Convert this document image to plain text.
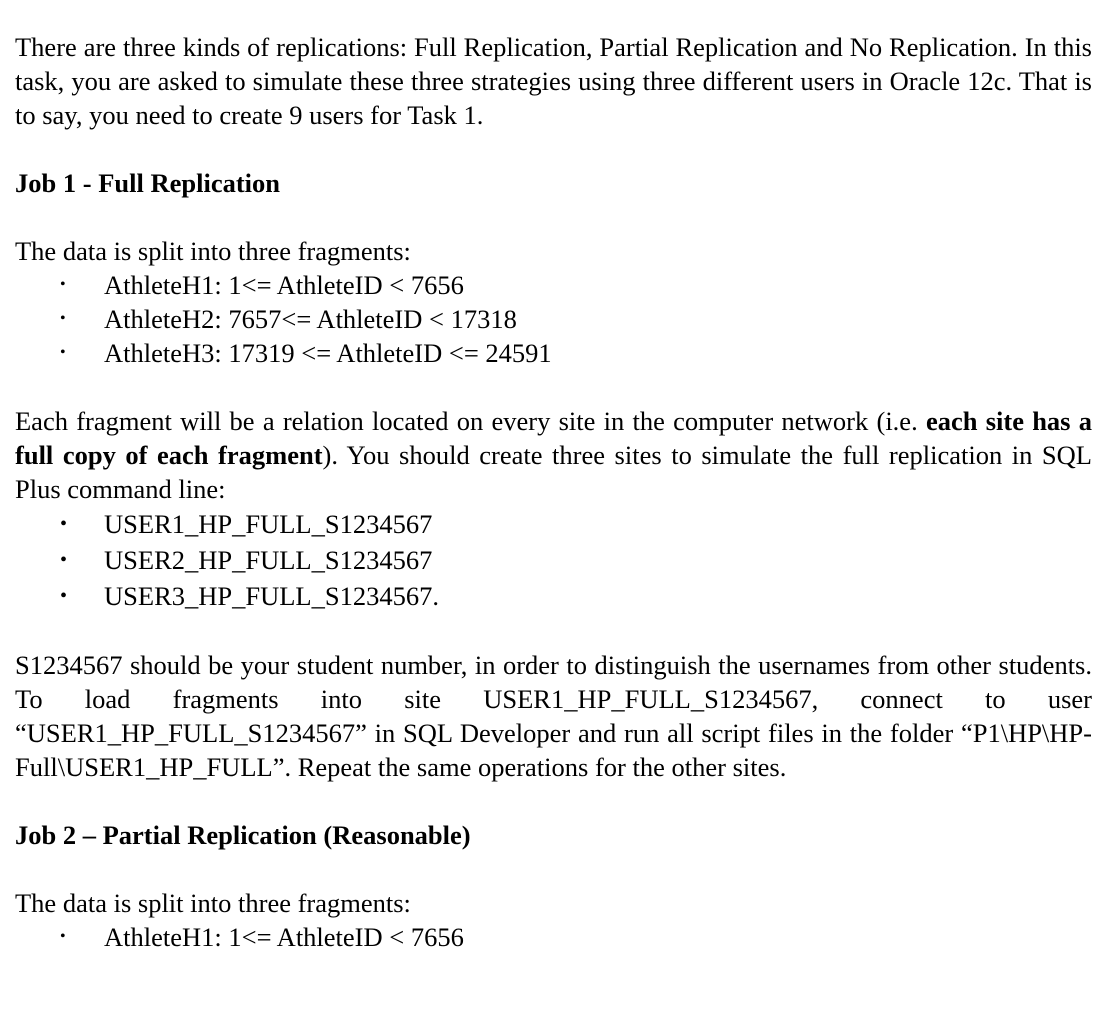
There are three kinds of replications: Full Replication, Partial Replication and No Replication. In this task, you are asked to simulate these three strategies using three different users in Oracle 12c. That is to say, you need to create 9 users for Task 1.

Job 1 - Full Replication

The data is split into three fragments:

• AthleteH1: 1<= AthleteID < 7656
• AthleteH2: 7657<= AthleteID < 17318
• AthleteH3: 17319 <= AthleteID <= 24591

Each fragment will be a relation located on every site in the computer network (i.e. each site has a full copy of each fragment). You should create three sites to simulate the full replication in SQL Plus command line:

• USER1_HP_FULL_S1234567
• USER2_HP_FULL_S1234567
• USER3_HP_FULL_S1234567.

S1234567 should be your student number, in order to distinguish the usernames from other students. To load fragments into site USER1_HP_FULL_S1234567, connect to user “USER1_HP_FULL_S1234567” in SQL Developer and run all script files in the folder “P1\HP\HP-Full\USER1_HP_FULL”. Repeat the same operations for the other sites.

Job 2 – Partial Replication (Reasonable)

The data is split into three fragments:

• AthleteH1: 1<= AthleteID < 7656
